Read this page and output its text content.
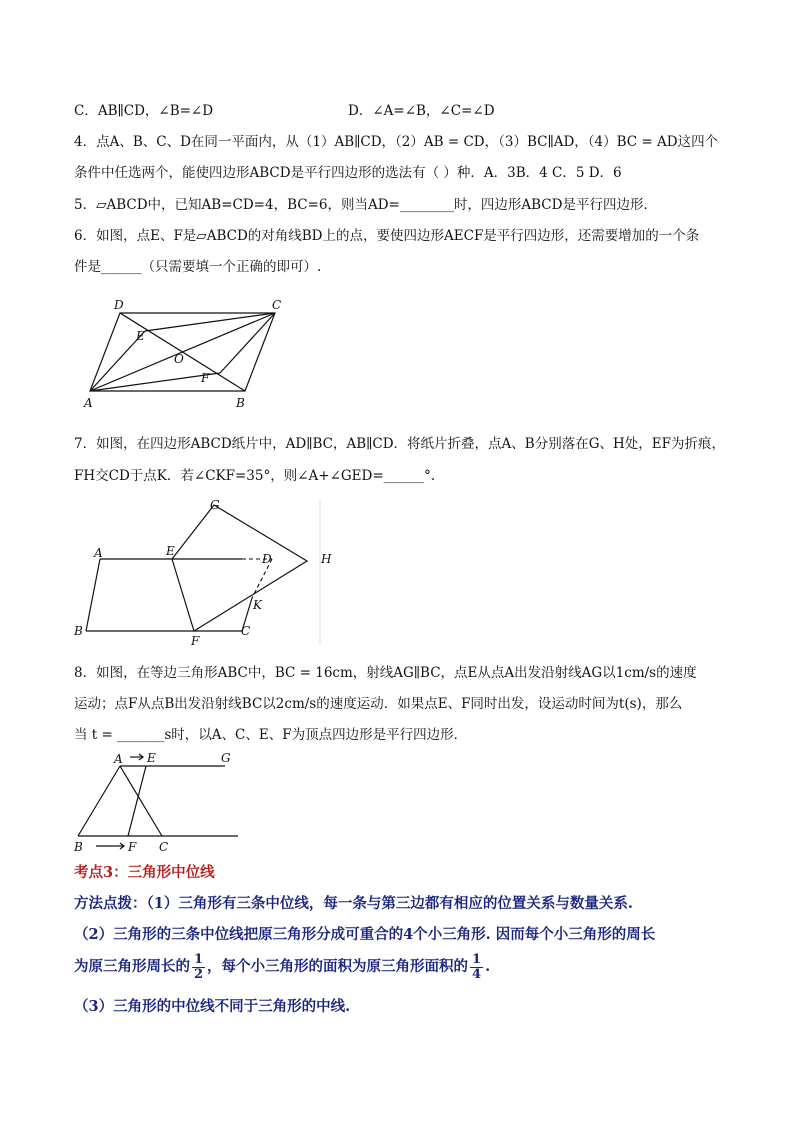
C．AB∥CD，∠B=∠D	D．∠A=∠B，∠C=∠D
4．点A、B、C、D在同一平面内，从（1）AB∥CD，（2）AB = CD，（3）BC∥AD，（4）BC = AD这四个
条件中任选两个，能使四边形ABCD是平行四边形的选法有（ ）种．A．3B．4 C．5 D．6
5．▱ABCD中，已知AB=CD=4，BC=6，则当AD=________时，四边形ABCD是平行四边形．
6．如图，点E、F是▱ABCD的对角线BD上的点，要使四边形AECF是平行四边形，还需要增加的一个条
件是______（只需要填一个正确的即可）.
D	C
E
O
F
A	B
7．如图，在四边形ABCD纸片中，AD∥BC，AB∥CD．将纸片折叠，点A、B分别落在G、H处，EF为折痕，
FH交CD于点K．若∠CKF=35°，则∠A+∠GED=______°.
G
A	E
D	H
K
B
F
C
8．如图，在等边三角形ABC中，BC = 16cm，射线AG∥BC，点E从点A出发沿射线AG以1cm/s的速度
运动；点F从点B出发沿射线BC以2cm/s的速度运动．如果点E、F同时出发，设运动时间为t(s)，那么
当 t = _______s时，以A、C、E、F为顶点四边形是平行四边形．
A E	G
B	F C
考点3：三角形中位线
方法点拨：（1）三角形有三条中位线，每一条与第三边都有相应的位置关系与数量关系.
（2）三角形的三条中位线把原三角形分成可重合的4个小三角形. 因而每个小三角形的周长
为原三角形周长的 $\frac{1}{2}$ ，每个小三角形的面积为原三角形面积的 $\frac{1}{4}$ .
（3）三角形的中位线不同于三角形的中线.
